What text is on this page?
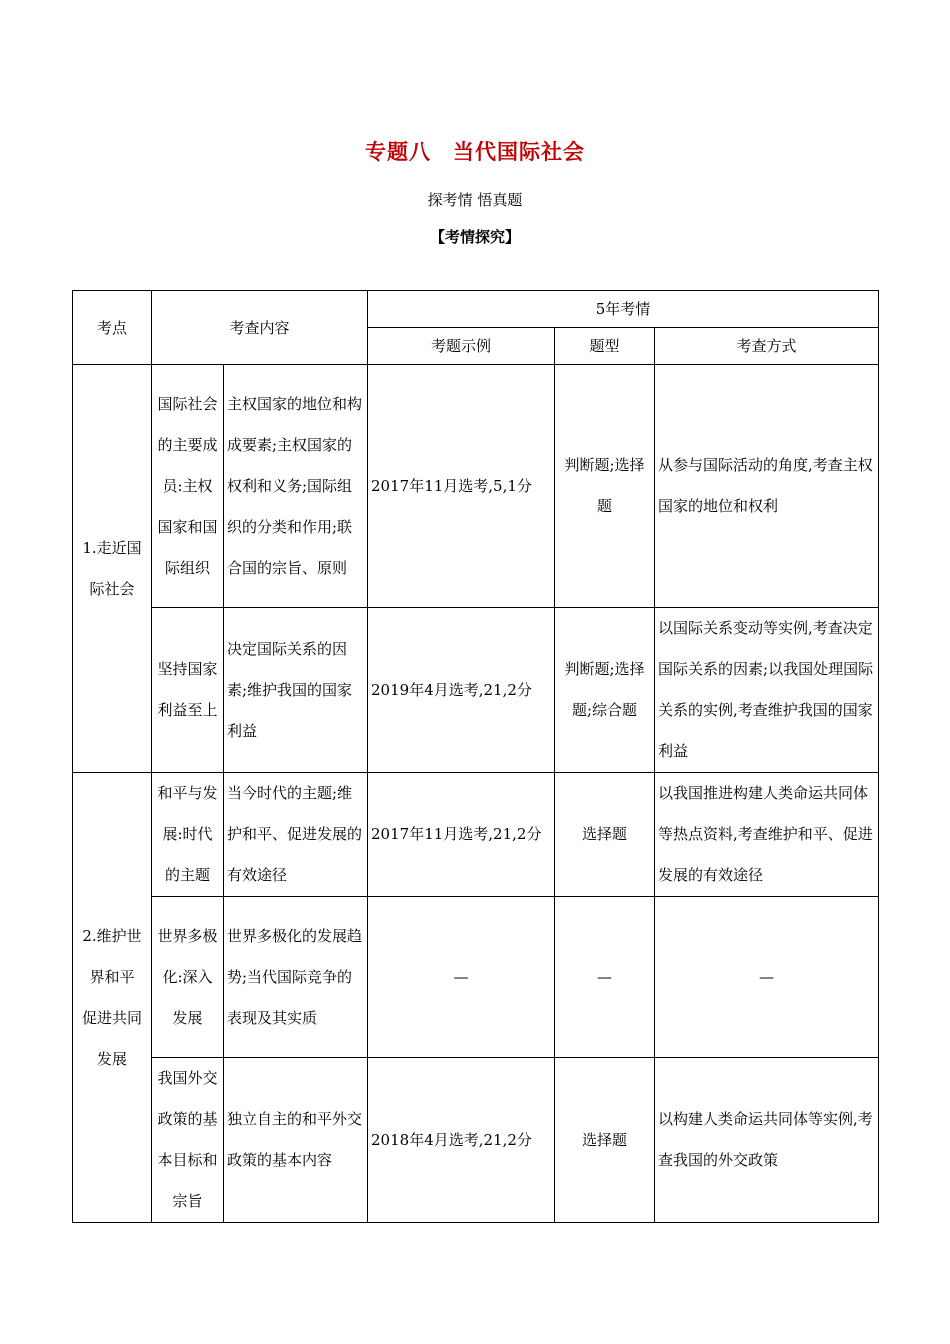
专题八　当代国际社会
探考情 悟真题
【考情探究】
考点	考查内容		5年考情		
			考题示例	题型	考查方式
1.走近国际社会	国际社会的主要成员:主权国家和国际组织	主权国家的地位和构成要素;主权国家的权利和义务;国际组织的分类和作用;联合国的宗旨、原则	2017年11月选考,5,1分	判断题;选择题	从参与国际活动的角度,考查主权国家的地位和权利
	坚持国家利益至上	决定国际关系的因素;维护我国的国家利益	2019年4月选考,21,2分	判断题;选择题;综合题	以国际关系变动等实例,考查决定国际关系的因素;以我国处理国际关系的实例,考查维护我国的国家利益
2.维护世界和平　促进共同发展	和平与发展:时代的主题	当今时代的主题;维护和平、促进发展的有效途径	2017年11月选考,21,2分	选择题	以我国推进构建人类命运共同体等热点资料,考查维护和平、促进发展的有效途径
	世界多极化:深入发展	世界多极化的发展趋势;当代国际竞争的表现及其实质	—	—	—
	我国外交政策的基本目标和宗旨	独立自主的和平外交政策的基本内容	2018年4月选考,21,2分	选择题	以构建人类命运共同体等实例,考查我国的外交政策
